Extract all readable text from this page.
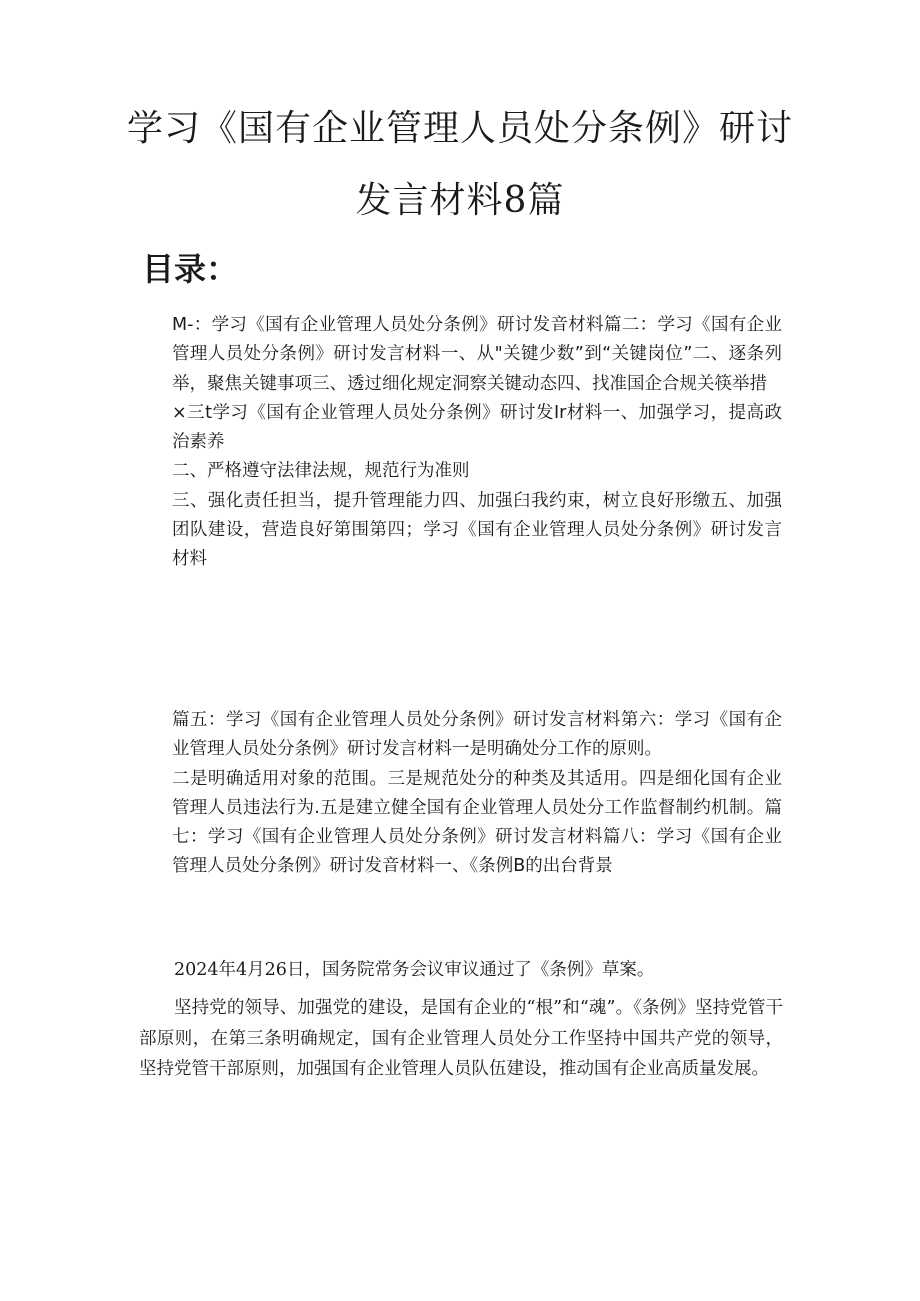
学习《国有企业管理人员处分条例》研讨
发言材料8篇
目录：

M-：学习《国有企业管理人员处分条例》研讨发音材料篇二：学习《国有企业管理人员处分条例》研讨发言材料一、从"关键少数”到“关键岗位”二、逐条列举，聚焦关键事项三、透过细化规定洞察关键动态四、找准国企合规关筷举措

×三t学习《国有企业管理人员处分条例》研讨发Ir材料一、加强学习，提高政治素养

二、严格遵守法律法规，规范行为准则

三、强化责任担当，提升管理能力四、加强臼我约束，树立良好形缴五、加强团队建设，营造良好第围第四；学习《国有企业管理人员处分条例》研讨发言材料

篇五：学习《国有企业管理人员处分条例》研讨发言材料第六：学习《国有企业管理人员处分条例》研讨发言材料一是明确处分工作的原则。

二是明确适用对象的范围。三是规范处分的种类及其适用。四是细化国有企业管理人员违法行为.五是建立健全国有企业管理人员处分工作监督制约机制。篇七：学习《国有企业管理人员处分条例》研讨发言材料篇八：学习《国有企业管理人员处分条例》研讨发音材料一、《条例B的出台背景

2024年4月26日，国务院常务会议审议通过了《条例》草案。

坚持党的领导、加强党的建设，是国有企业的“根”和“魂”。《条例》坚持党管干部原则，在第三条明确规定，国有企业管理人员处分工作坚持中国共产党的领导，坚持党管干部原则，加强国有企业管理人员队伍建设，推动国有企业高质量发展。
